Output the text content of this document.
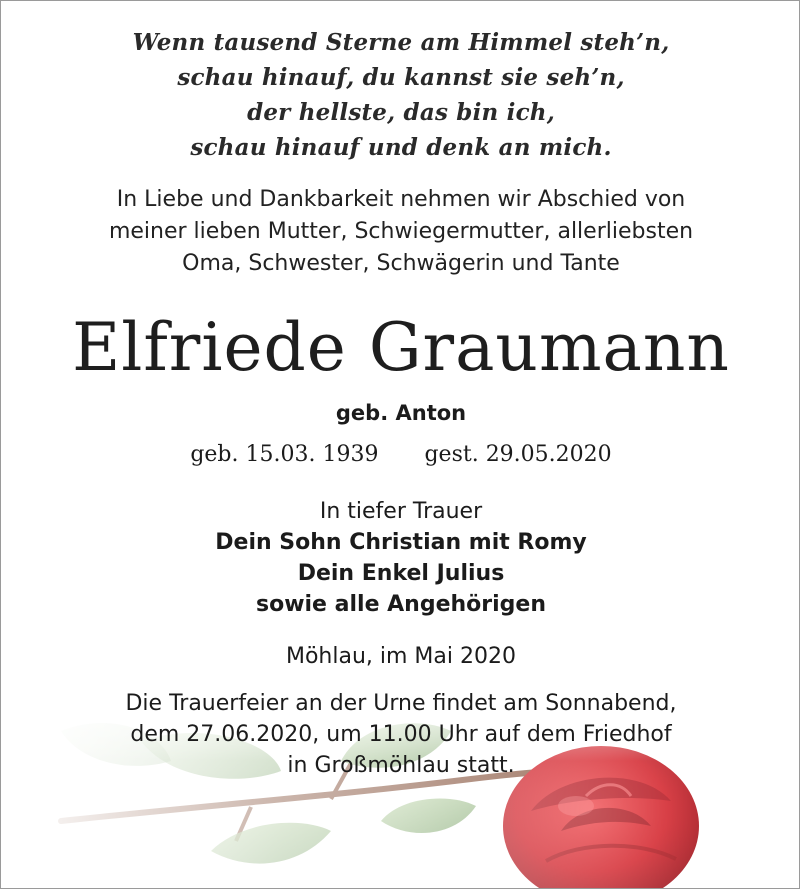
Wenn tausend Sterne am Himmel steh’n,
schau hinauf, du kannst sie seh’n,
der hellste, das bin ich,
schau hinauf und denk an mich.
In Liebe und Dankbarkeit nehmen wir Abschied von
meiner lieben Mutter, Schwiegermutter, allerliebsten
Oma, Schwester, Schwägerin und Tante
Elfriede Graumann
geb. Anton
geb. 15.03. 1939 gest. 29.05.2020
In tiefer Trauer
Dein Sohn Christian mit Romy
Dein Enkel Julius
sowie alle Angehörigen
Möhlau, im Mai 2020
Die Trauerfeier an der Urne findet am Sonnabend,
dem 27.06.2020, um 11.00 Uhr auf dem Friedhof
in Großmöhlau statt.
